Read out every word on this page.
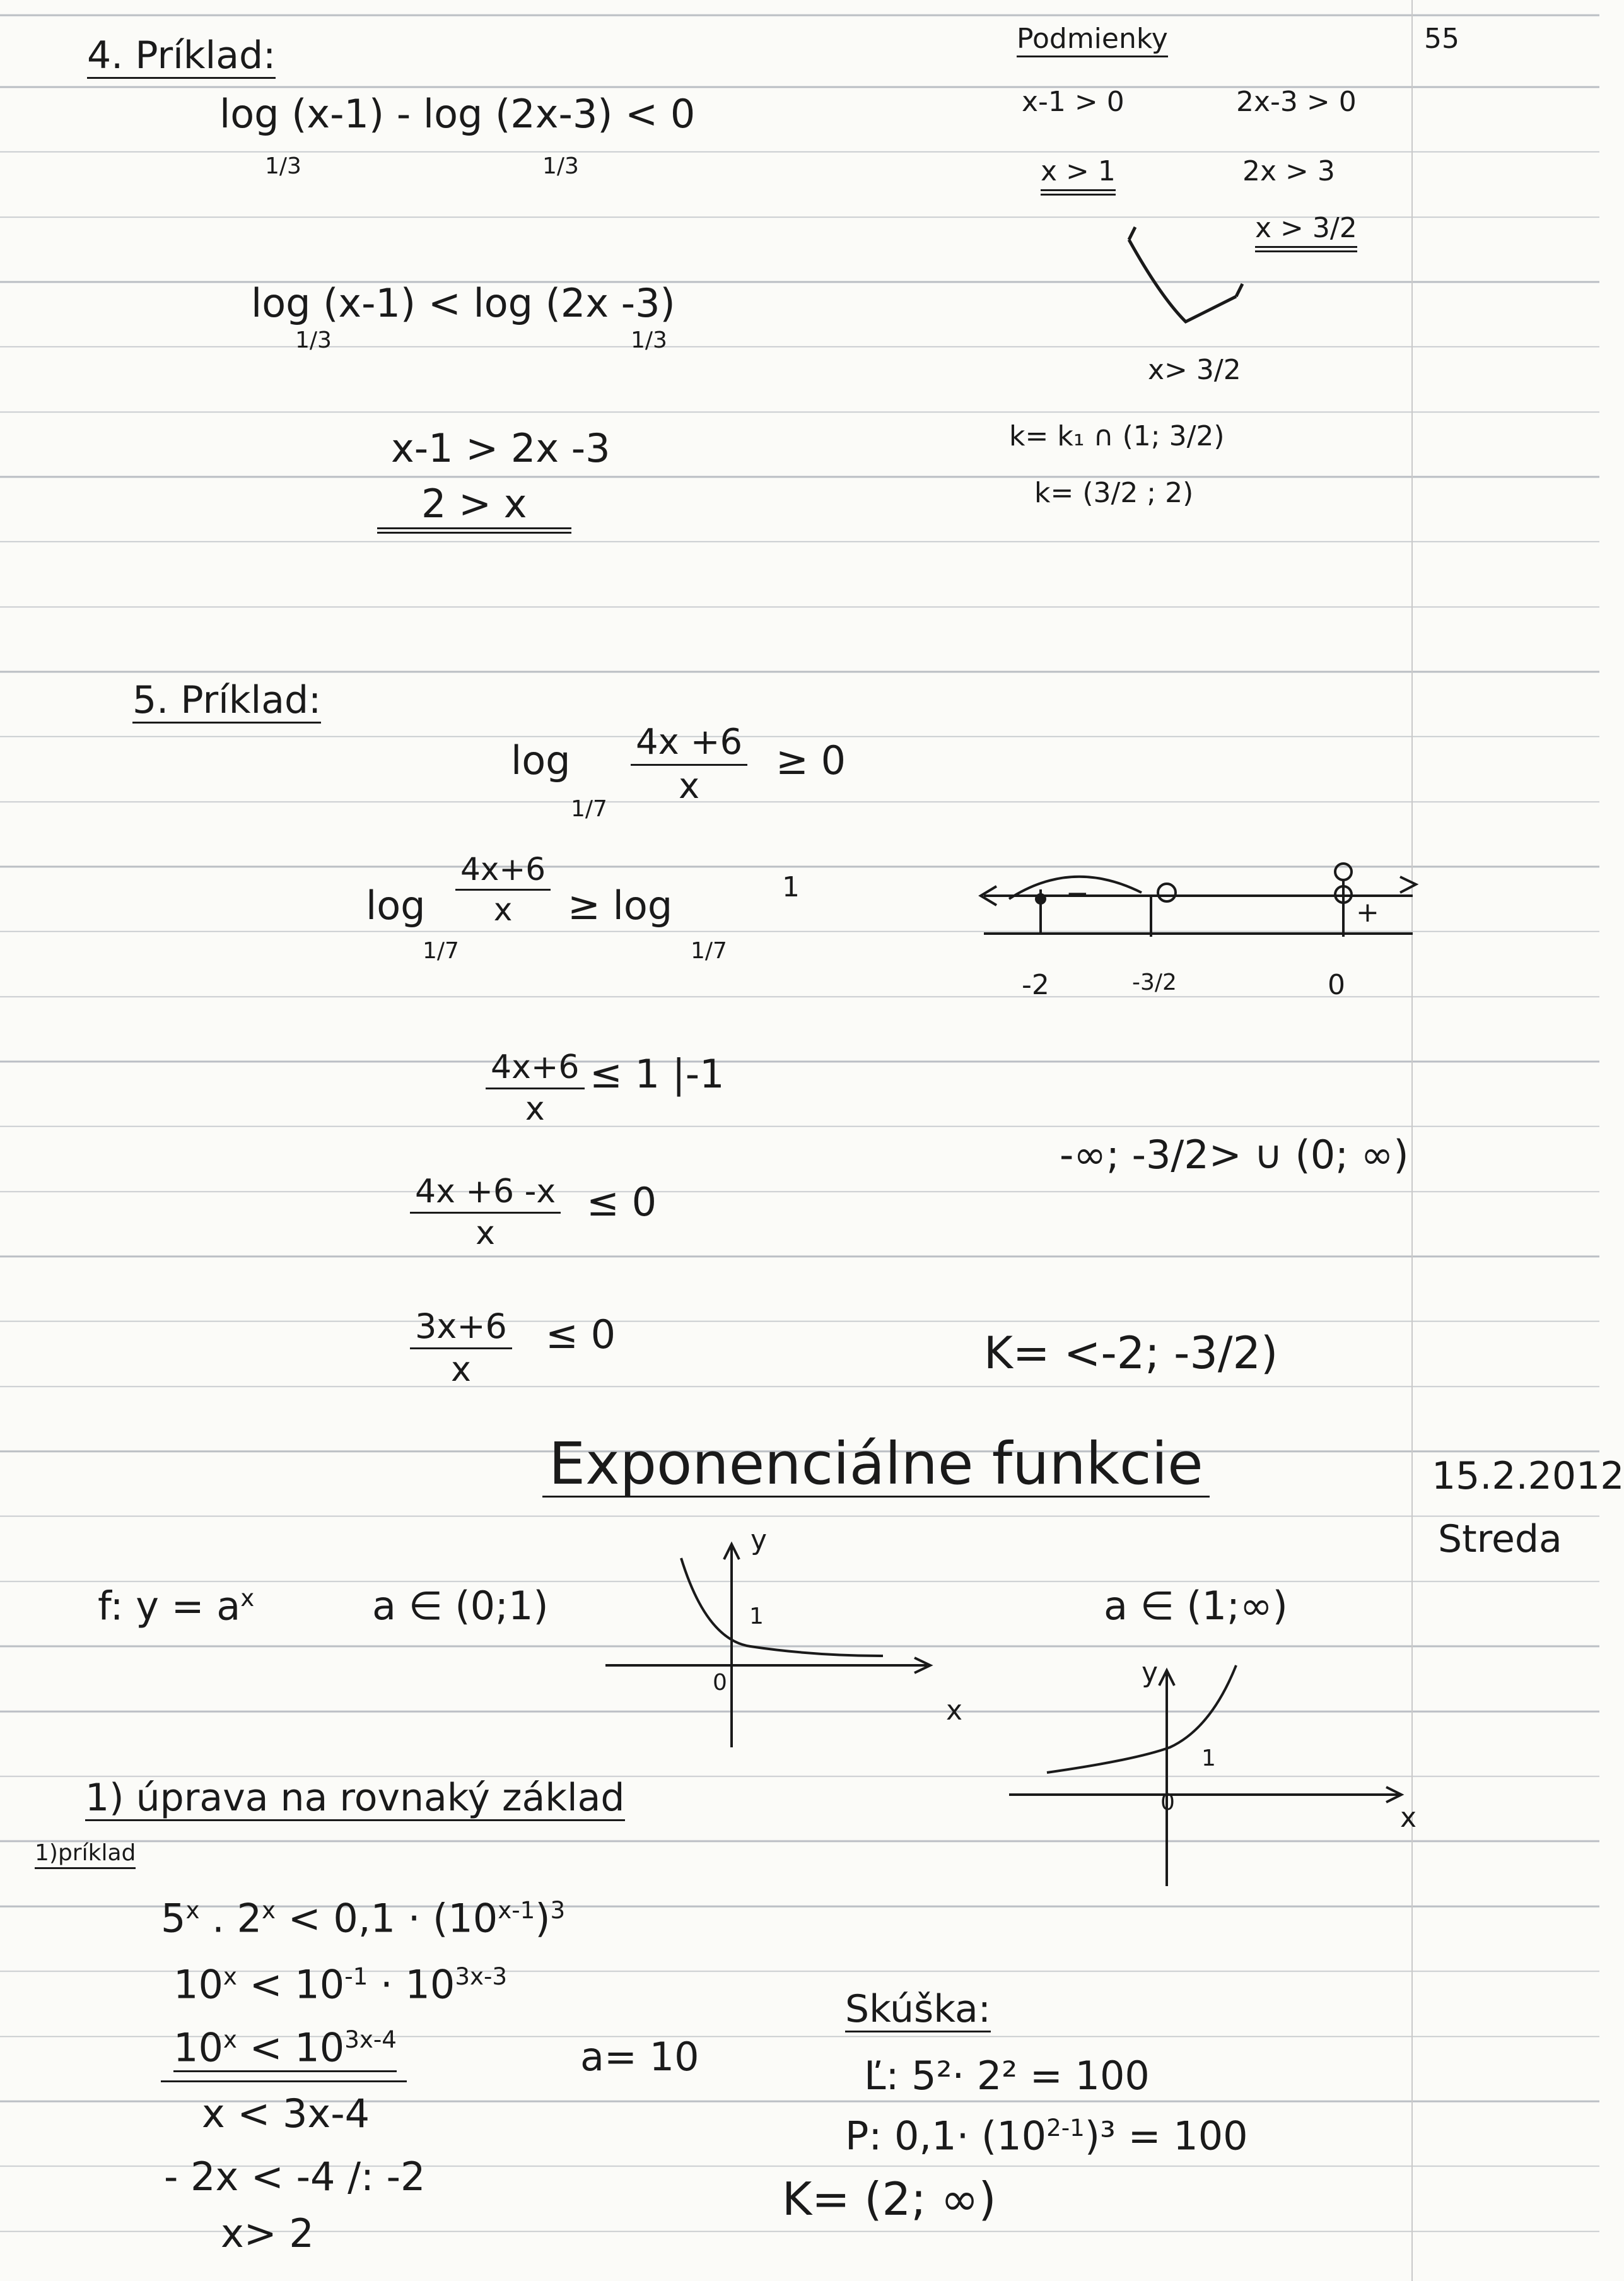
55
4. Príklad:
log (x-1) - log (2x-3) < 0
1/3	1/3
log (x-1) < log (2x -3)
1/3	1/3
x-1 > 2x -3
2 > x
Podmienky
x-1 > 0	2x-3 > 0
x > 1	2x > 3
x > 3/2
x> 3/2
k= k₁ ∩ (1; 3/2)
k= (3/2 ; 2)
5. Príklad:
log
1/7
$\frac{4x +6}{x} \ge 0$
log
1/7
$\frac{4x+6}{x} \ge \log$
1/7
1
$\frac{4x+6}{x} \le 1$ |-1
$\frac{4x +6 -x}{x} \le 0$
$\frac{3x+6}{x} \le 0$
−
+
-2	-3/2	0
-∞; -3/2> ∪ (0; ∞)
K= <-2; -3/2)
Exponenciálne funkcie	15.2.2012
Streda
f: $y = a^x$	a ∈ (0;1)	a ∈ (1;∞)
y
1
0
x
y
1
0	x
1) úprava na rovnaký základ
1)príklad
5$^x$ . $2^x < 0,1 \cdot (10^{x-1})^3$
$10^x < 10^{-1} \cdot 10^{3x-3}$
$10^x < 10^{3x-4}$	a= 10
x < 3x-4
- 2x < -4 /: -2
x> 2
Skúška:
Ľ: 5²· 2² = 100
P: $0,1\cdot (10^{2-1})^3 = 100$
K= (2; ∞)
